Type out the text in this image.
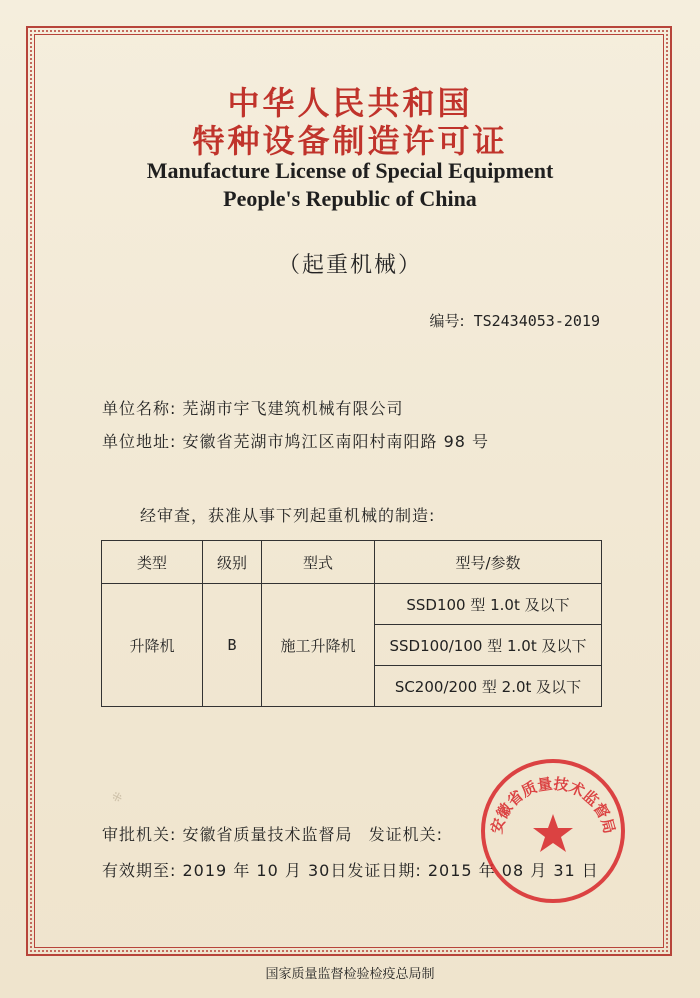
中华人民共和国
特种设备制造许可证
Manufacture License of Special Equipment
People's Republic of China
（起重机械）
编号: TS2434053-2019
单位名称: 芜湖市宇飞建筑机械有限公司
单位地址: 安徽省芜湖市鸠江区南阳村南阳路 98 号
经审查，获准从事下列起重机械的制造:
类型	级别	型式	型号/参数
升降机	B	施工升降机	SSD100 型 1.0t 及以下
			SSD100/100 型 1.0t 及以下
			SC200/200 型 2.0t 及以下
※
审批机关: 安徽省质量技术监督局 发证机关:
有效期至: 2019 年 10 月 30日发证日期: 2015 年 08 月 31 日
安徽省质量技术监督局
国家质量监督检验检疫总局制
